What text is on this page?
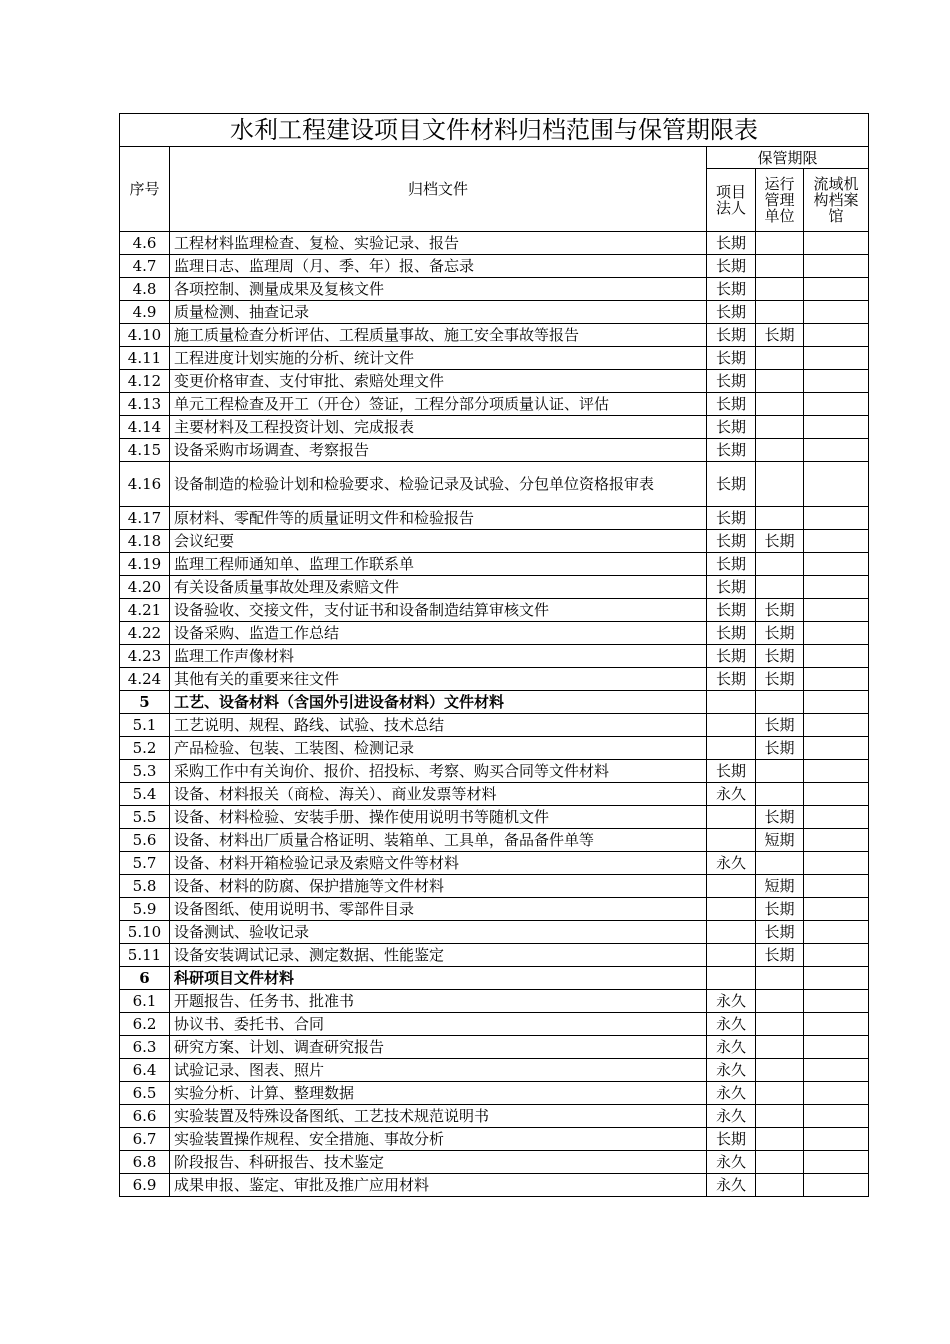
水利工程建设项目文件材料归档范围与保管期限表				
序号	归档文件	保管期限		

		项目法人	运行管理单位	流域机构档案馆

4.6	工程材料监理检查、复检、实验记录、报告	长期		
4.7	监理日志、监理周（月、季、年）报、备忘录	长期		
4.8	各项控制、测量成果及复核文件	长期		
4.9	质量检测、抽查记录	长期		
4.10	施工质量检查分析评估、工程质量事故、施工安全事故等报告	长期	长期	
4.11	工程进度计划实施的分析、统计文件	长期		
4.12	变更价格审查、支付审批、索赔处理文件	长期		
4.13	单元工程检查及开工（开仓）签证，工程分部分项质量认证、评估	长期		
4.14	主要材料及工程投资计划、完成报表	长期		
4.15	设备采购市场调查、考察报告	长期		
4.16	设备制造的检验计划和检验要求、检验记录及试验、分包单位资格报审表	长期		
4.17	原材料、零配件等的质量证明文件和检验报告	长期		
4.18	会议纪要	长期	长期	
4.19	监理工程师通知单、监理工作联系单	长期		
4.20	有关设备质量事故处理及索赔文件	长期		
4.21	设备验收、交接文件，支付证书和设备制造结算审核文件	长期	长期	
4.22	设备采购、监造工作总结	长期	长期	
4.23	监理工作声像材料	长期	长期	
4.24	其他有关的重要来往文件	长期	长期	
5	工艺、设备材料（含国外引进设备材料）文件材料			
5.1	工艺说明、规程、路线、试验、技术总结		长期	
5.2	产品检验、包装、工装图、检测记录		长期	
5.3	采购工作中有关询价、报价、招投标、考察、购买合同等文件材料	长期		
5.4	设备、材料报关（商检、海关）、商业发票等材料	永久		
5.5	设备、材料检验、安装手册、操作使用说明书等随机文件		长期	
5.6	设备、材料出厂质量合格证明、装箱单、工具单，备品备件单等		短期	
5.7	设备、材料开箱检验记录及索赔文件等材料	永久		
5.8	设备、材料的防腐、保护措施等文件材料		短期	
5.9	设备图纸、使用说明书、零部件目录		长期	
5.10	设备测试、验收记录		长期	
5.11	设备安装调试记录、测定数据、性能鉴定		长期	
6	科研项目文件材料			
6.1	开题报告、任务书、批准书	永久		
6.2	协议书、委托书、合同	永久		
6.3	研究方案、计划、调查研究报告	永久		
6.4	试验记录、图表、照片	永久		
6.5	实验分析、计算、整理数据	永久		
6.6	实验装置及特殊设备图纸、工艺技术规范说明书	永久		
6.7	实验装置操作规程、安全措施、事故分析	长期		
6.8	阶段报告、科研报告、技术鉴定	永久		
6.9	成果申报、鉴定、审批及推广应用材料	永久		
